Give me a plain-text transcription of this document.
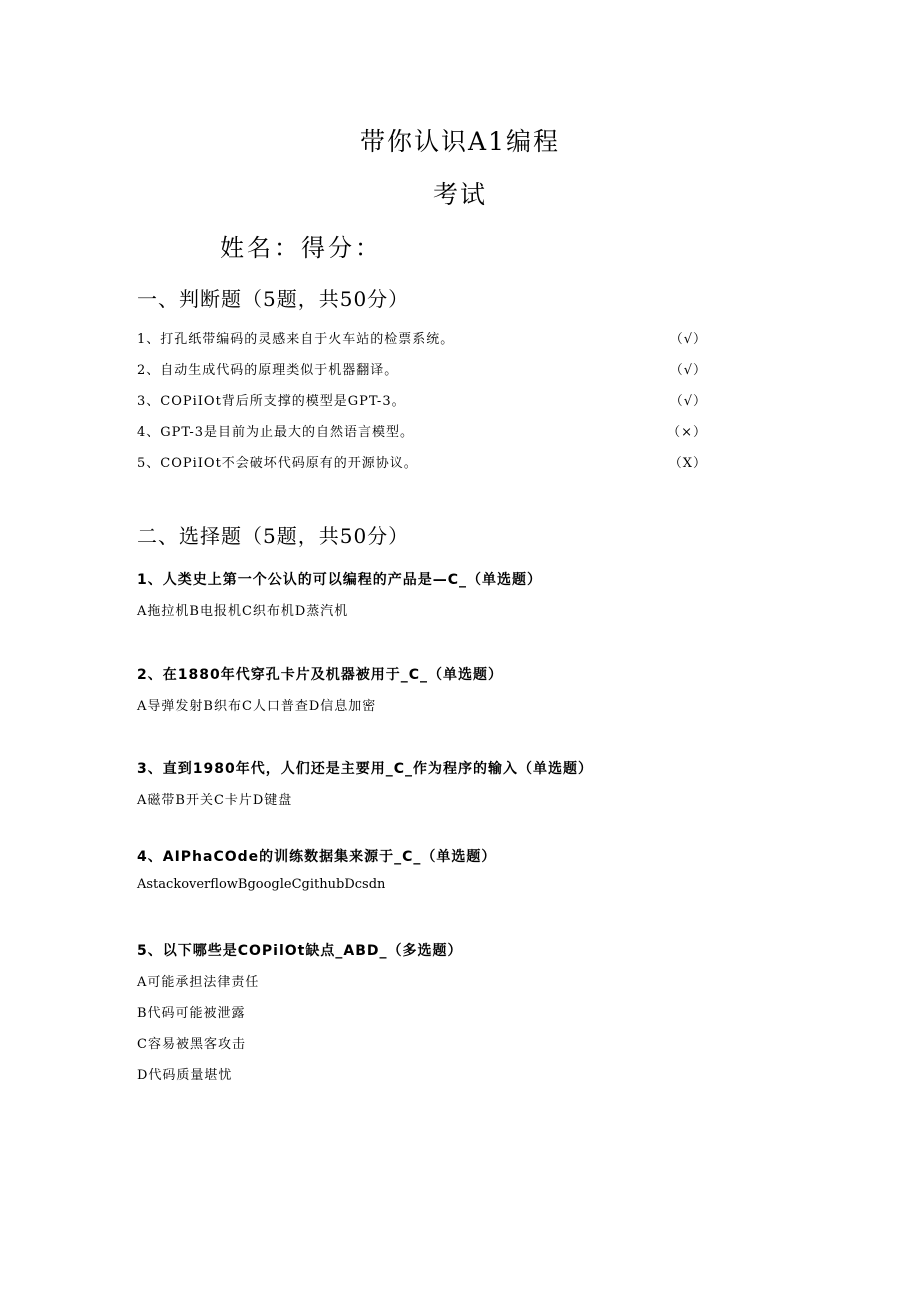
带你认识A1编程
考试

姓名：得分：

一、判断题（5题，共50分）
1、打孔纸带编码的灵感来自于火车站的检票系统。	（√）
2、自动生成代码的原理类似于机器翻译。	（√）
3、COPiIOt背后所支撑的模型是GPT-3。	（√）
4、GPT-3是目前为止最大的自然语言模型。	（×）
5、COPiIOt不会破坏代码原有的开源协议。	（X）
二、选择题（5题，共50分）

1、人类史上第一个公认的可以编程的产品是—C_（单选题）

A拖拉机B电报机C织布机D蒸汽机

2、在1880年代穿孔卡片及机器被用于_C_（单选题）

A导弹发射B织布C人口普查D信息加密

3、直到1980年代，人们还是主要用_C_作为程序的输入（单选题）

A磁带B开关C卡片D键盘

4、AIPhaCOde的训练数据集来源于_C_（单选题）

AstackoverflowBgoogleCgithubDcsdn

5、以下哪些是COPilOt缺点_ABD_（多选题）

A可能承担法律责任

B代码可能被泄露

C容易被黑客攻击

D代码质量堪忧
